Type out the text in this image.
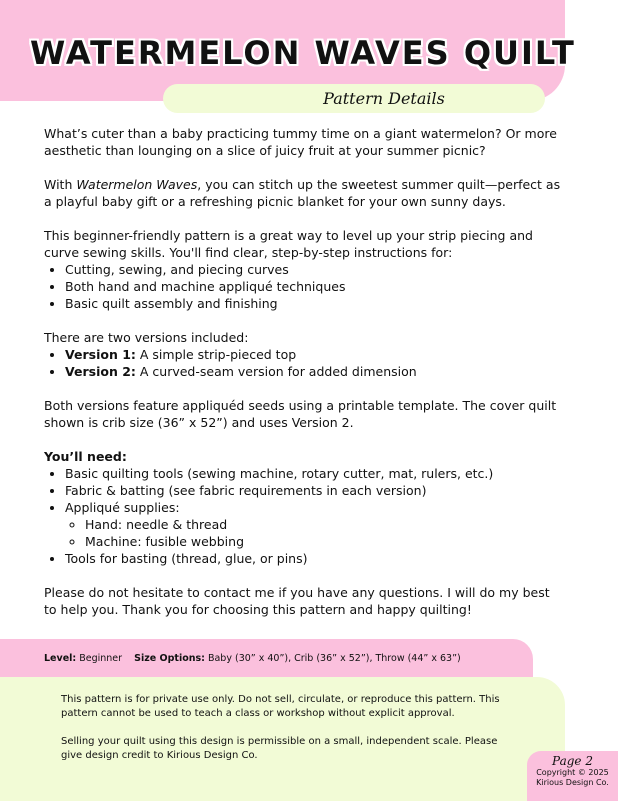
WATERMELON WAVES QUILT
Pattern Details

What’s cuter than a baby practicing tummy time on a giant watermelon? Or more aesthetic than lounging on a slice of juicy fruit at your summer picnic?

With Watermelon Waves, you can stitch up the sweetest summer quilt—perfect as a playful baby gift or a refreshing picnic blanket for your own sunny days.

This beginner-friendly pattern is a great way to level up your strip piecing and curve sewing skills. You'll find clear, step-by-step instructions for:

• Cutting, sewing, and piecing curves
• Both hand and machine appliqué techniques
• Basic quilt assembly and finishing

There are two versions included:

• Version 1: A simple strip-pieced top
• Version 2: A curved-seam version for added dimension

Both versions feature appliquéd seeds using a printable template. The cover quilt shown is crib size (36” x 52”) and uses Version 2.

You’ll need:

• Basic quilting tools (sewing machine, rotary cutter, mat, rulers, etc.)
• Fabric & batting (see fabric requirements in each version)
• Appliqué supplies:
◦ Hand: needle & thread
◦ Machine: fusible webbing
• Tools for basting (thread, glue, or pins)

Please do not hesitate to contact me if you have any questions. I will do my best to help you. Thank you for choosing this pattern and happy quilting!

Level: Beginner Size Options: Baby (30” x 40”), Crib (36” x 52”), Throw (44” x 63”)

This pattern is for private use only. Do not sell, circulate, or reproduce this pattern. This pattern cannot be used to teach a class or workshop without explicit approval.

Selling your quilt using this design is permissible on a small, independent scale. Please give design credit to Kirious Design Co.	Page 2
Copyright © 2025
Kirious Design Co.
